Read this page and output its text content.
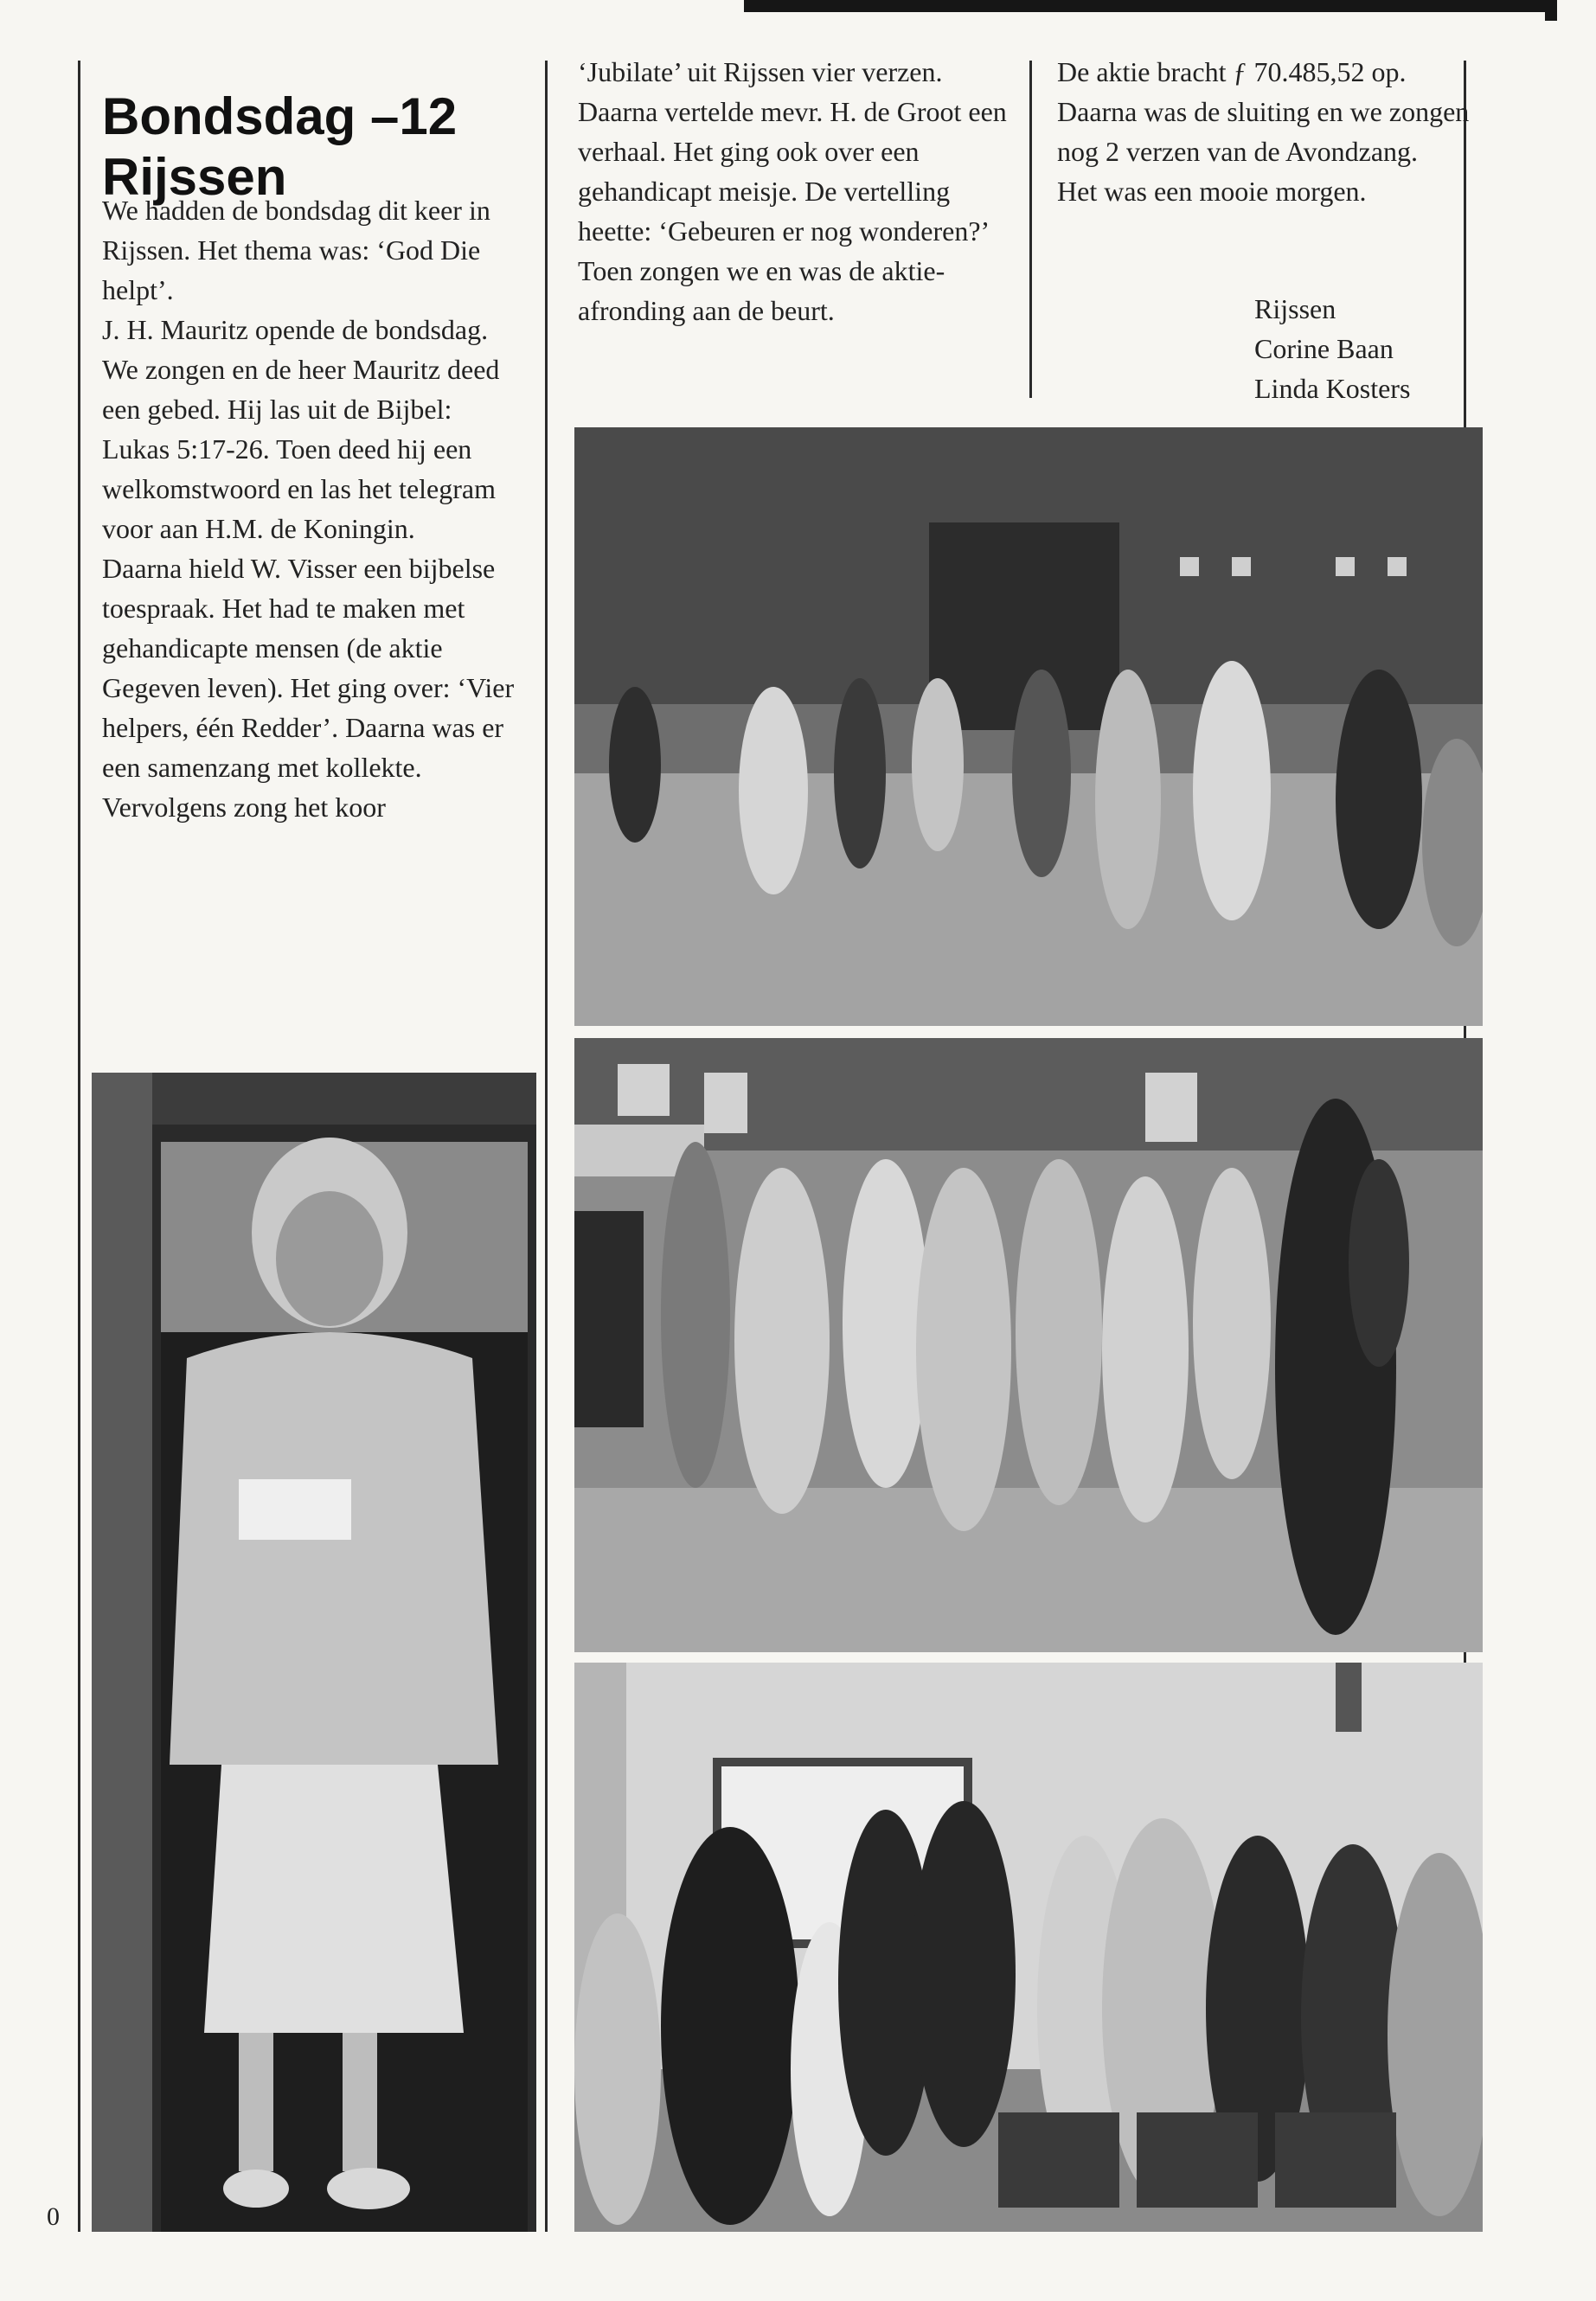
Bondsdag –12
Rijssen

We hadden de bondsdag dit keer in Rijssen. Het thema was: ‘God Die helpt’.

J. H. Mauritz opende de bondsdag. We zongen en de heer Mauritz deed een gebed. Hij las uit de Bijbel: Lukas 5:17-26. Toen deed hij een welkomstwoord en las het telegram voor aan H.M. de Koningin.

Daarna hield W. Visser een bijbelse toespraak. Het had te maken met gehandicapte mensen (de aktie Gegeven leven). Het ging over: ‘Vier helpers, één Redder’. Daarna was er een samenzang met kollekte.

Vervolgens zong het koor

‘Jubilate’ uit Rijssen vier verzen.

Daarna vertelde mevr. H. de Groot een verhaal. Het ging ook over een gehandicapt meisje. De vertelling heette: ‘Gebeuren er nog wonderen?’ Toen zongen we en was de aktie-afronding aan de beurt.

De aktie bracht ƒ 70.485,52 op. Daarna was de sluiting en we zongen nog 2 verzen van de Avondzang.

Het was een mooie morgen.

Rijssen
Corine Baan
Linda Kosters
0
